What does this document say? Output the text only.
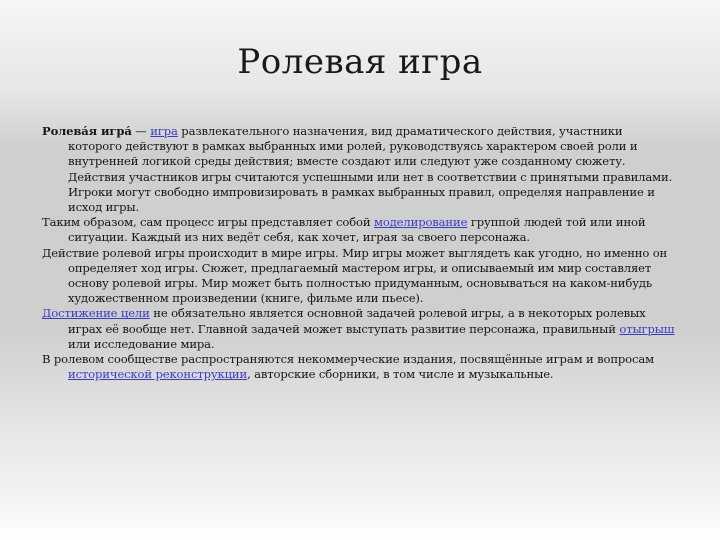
Ролевая игра

Ролева́я игра́ — игра развлекательного назначения, вид драматического действия, участники которого действуют в рамках выбранных ими ролей, руководствуясь характером своей роли и внутренней логикой среды действия; вместе создают или следуют уже созданному сюжету. Действия участников игры считаются успешными или нет в соответствии с принятыми правилами. Игроки могут свободно импровизировать в рамках выбранных правил, определяя направление и исход игры.

Таким образом, сам процесс игры представляет собой моделирование группой людей той или иной ситуации. Каждый из них ведёт себя, как хочет, играя за своего персонажа.

Действие ролевой игры происходит в мире игры. Мир игры может выглядеть как угодно, но именно он определяет ход игры. Сюжет, предлагаемый мастером игры, и описываемый им мир составляет основу ролевой игры. Мир может быть полностью придуманным, основываться на каком-нибудь художественном произведении (книге, фильме или пьесе).

Достижение цели не обязательно является основной задачей ролевой игры, а в некоторых ролевых играх её вообще нет. Главной задачей может выступать развитие персонажа, правильный отыгрыш или исследование мира.

В ролевом сообществе распространяются некоммерческие издания, посвящённые играм и вопросам исторической реконструкции, авторские сборники, в том числе и музыкальные.
